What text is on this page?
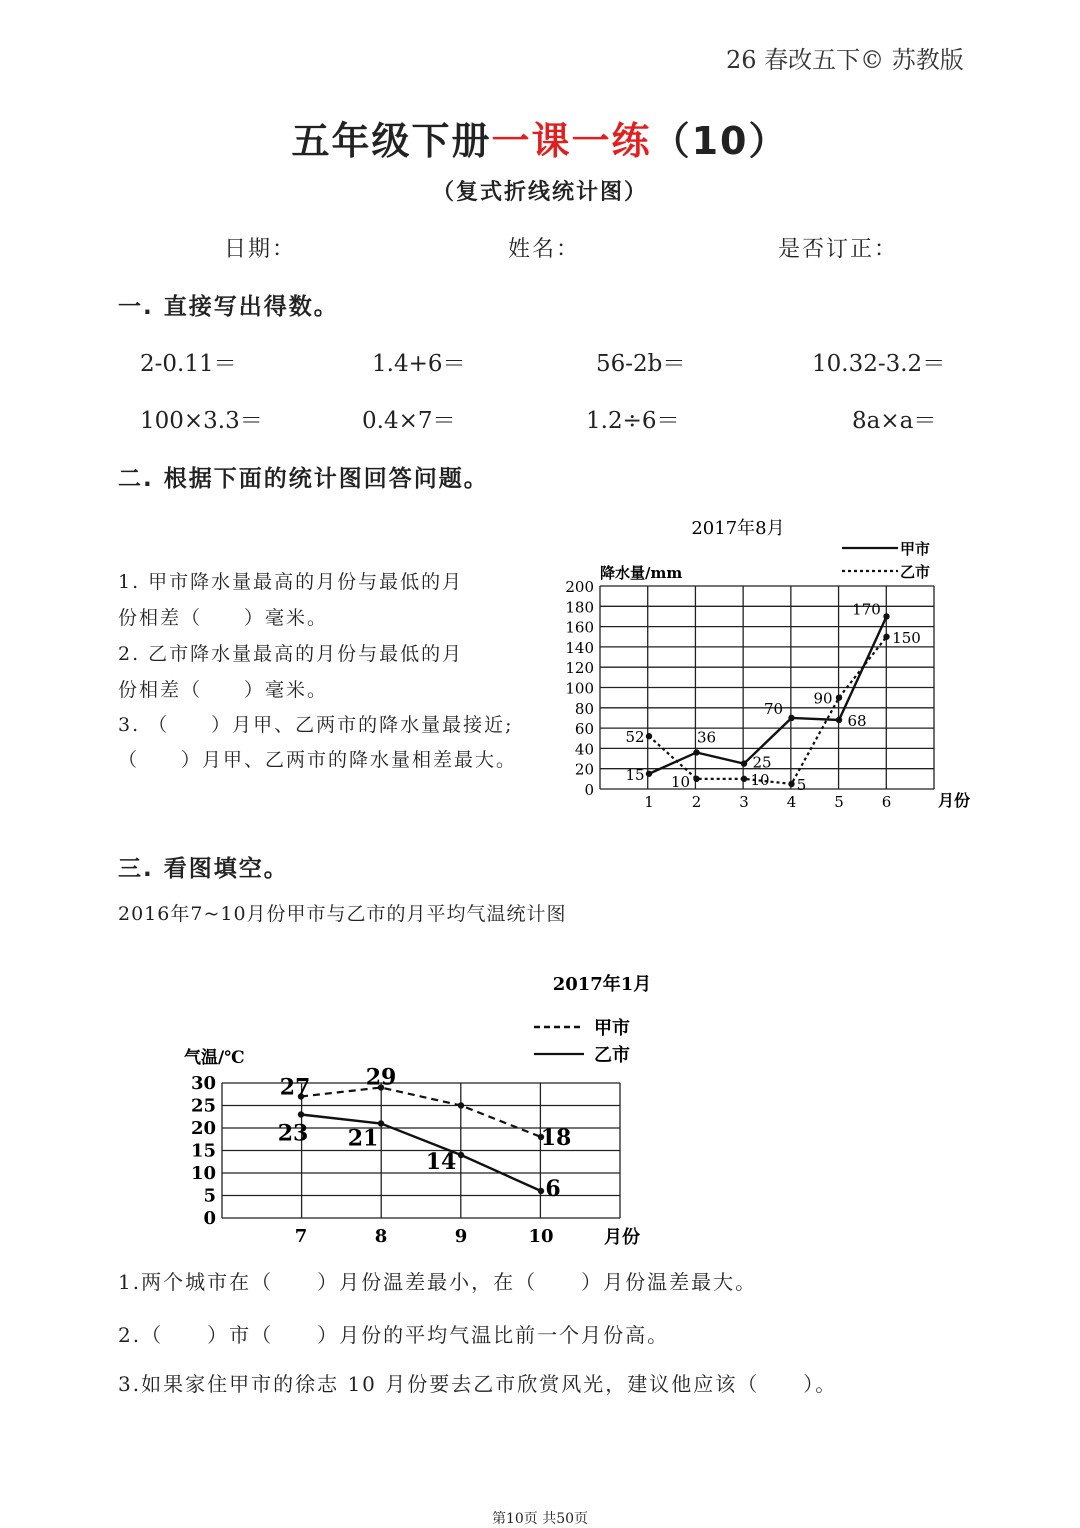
26 春改五下© 苏教版
五年级下册一课一练（10）
（复式折线统计图）
日期：	姓名：	是否订正：
一. 直接写出得数。
2-0.11＝	1.4+6＝	56-2b＝	10.32-3.2＝
100×3.3＝	0.4×7＝	1.2÷6＝	8a×a＝
二. 根据下面的统计图回答问题。
1. 甲市降水量最高的月份与最低的月
份相差（　　）毫米。
2. 乙市降水量最高的月份与最低的月
份相差（　　）毫米。
3. （　　）月甲、乙两市的降水量最接近;
（　　）月甲、乙两市的降水量相差最大。
2017年8月
降水量/mm
0
20
40
60
80
100
120
140
160
180
200
1	2	3	4	5	6	月份
15
36
25
70
68
170
52
10	10 5
90
150
甲市
乙市
三. 看图填空。
2016年7~10月份甲市与乙市的月平均气温统计图
2017年1月
气温/℃
0
5
10
15
20
25
30
7	8	9	10	月份
27	29
18
23 21
14
6
甲市
乙市
1.两个城市在（　　）月份温差最小，在（　　）月份温差最大。
2.（　　）市（　　）月份的平均气温比前一个月份高。
3.如果家住甲市的徐志 10 月份要去乙市欣赏风光，建议他应该（　　）。
第10页 共50页
